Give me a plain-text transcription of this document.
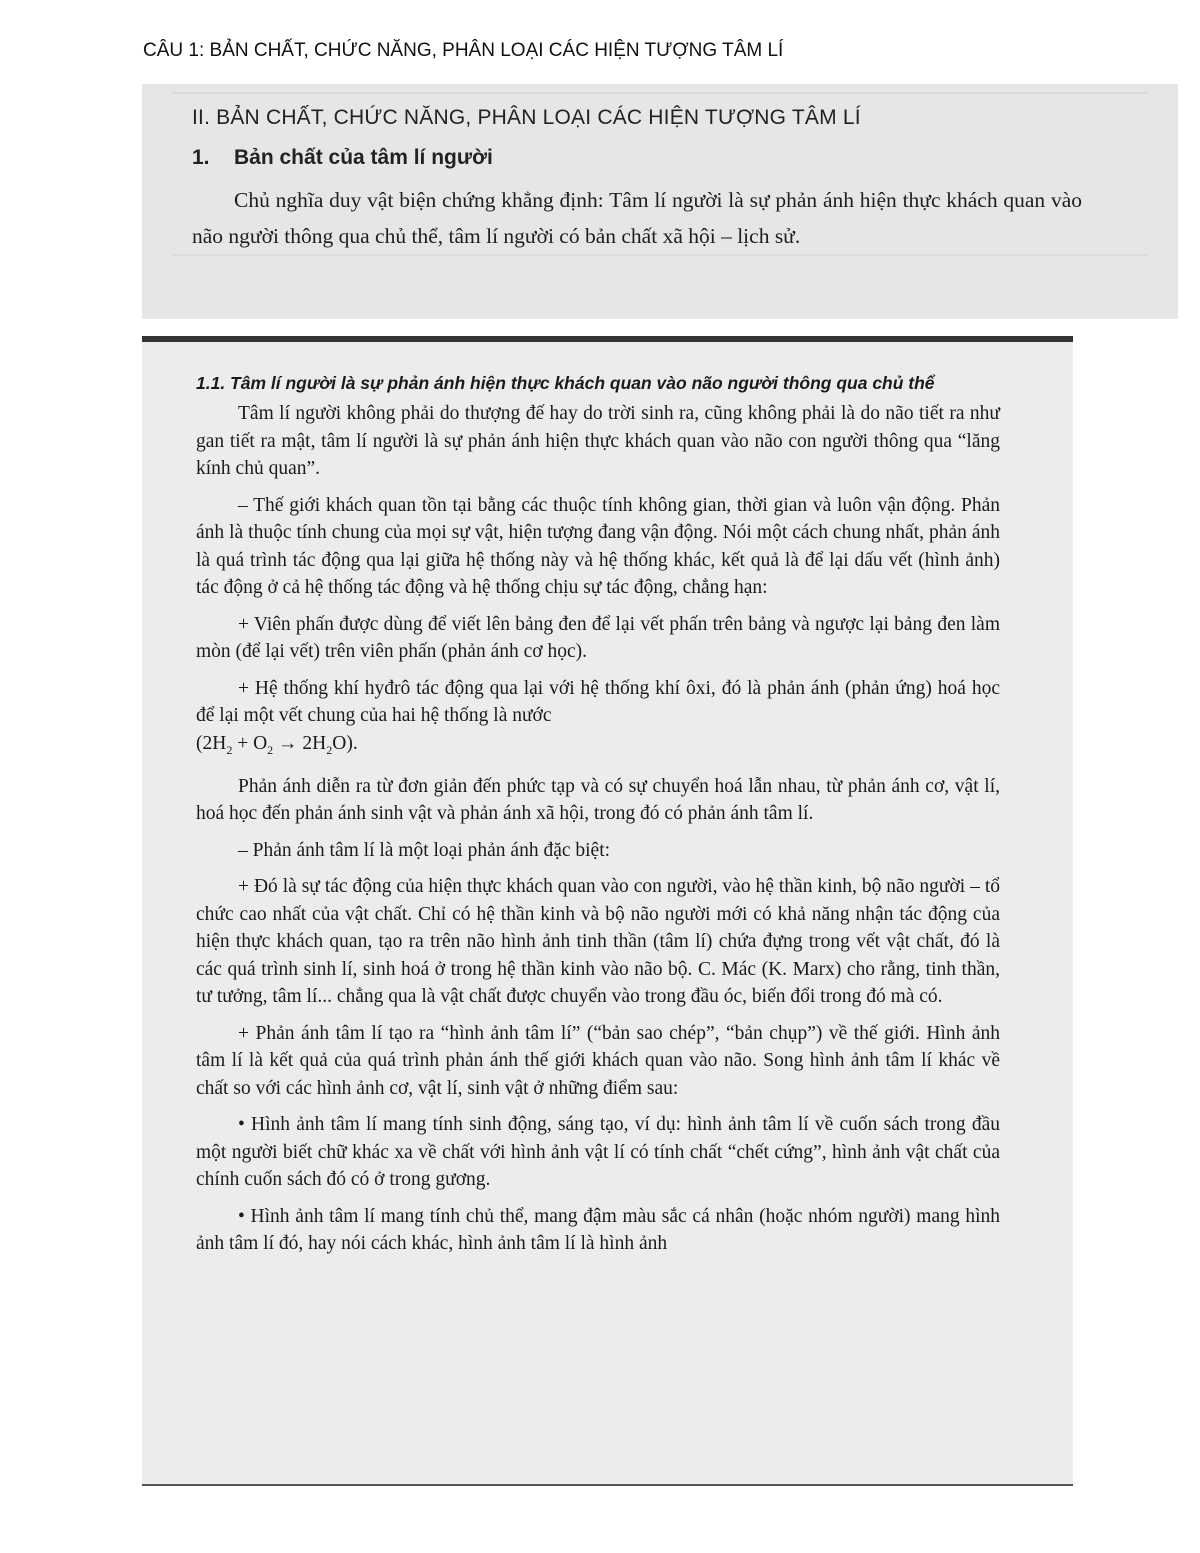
CÂU 1: BẢN CHẤT, CHỨC NĂNG, PHÂN LOẠI CÁC HIỆN TƯỢNG TÂM LÍ
II. BẢN CHẤT, CHỨC NĂNG, PHÂN LOẠI CÁC HIỆN TƯỢNG TÂM LÍ
1. Bản chất của tâm lí người

Chủ nghĩa duy vật biện chứng khẳng định: Tâm lí người là sự phản ánh hiện thực khách quan vào não người thông qua chủ thể, tâm lí người có bản chất xã hội – lịch sử.

1.1. Tâm lí người là sự phản ánh hiện thực khách quan vào não người thông qua chủ thể

Tâm lí người không phải do thượng đế hay do trời sinh ra, cũng không phải là do não tiết ra như gan tiết ra mật, tâm lí người là sự phản ánh hiện thực khách quan vào não con người thông qua “lăng kính chủ quan”.

– Thế giới khách quan tồn tại bằng các thuộc tính không gian, thời gian và luôn vận động. Phản ánh là thuộc tính chung của mọi sự vật, hiện tượng đang vận động. Nói một cách chung nhất, phản ánh là quá trình tác động qua lại giữa hệ thống này và hệ thống khác, kết quả là để lại dấu vết (hình ảnh) tác động ở cả hệ thống tác động và hệ thống chịu sự tác động, chẳng hạn:

+ Viên phấn được dùng để viết lên bảng đen để lại vết phấn trên bảng và ngược lại bảng đen làm mòn (để lại vết) trên viên phấn (phản ánh cơ học).

+ Hệ thống khí hyđrô tác động qua lại với hệ thống khí ôxi, đó là phản ánh (phản ứng) hoá học để lại một vết chung của hai hệ thống là nước

$(2H_2 + O_2 \to 2H_2O)$.

Phản ánh diễn ra từ đơn giản đến phức tạp và có sự chuyển hoá lẫn nhau, từ phản ánh cơ, vật lí, hoá học đến phản ánh sinh vật và phản ánh xã hội, trong đó có phản ánh tâm lí.

– Phản ánh tâm lí là một loại phản ánh đặc biệt:

+ Đó là sự tác động của hiện thực khách quan vào con người, vào hệ thần kinh, bộ não người – tổ chức cao nhất của vật chất. Chỉ có hệ thần kinh và bộ não người mới có khả năng nhận tác động của hiện thực khách quan, tạo ra trên não hình ảnh tinh thần (tâm lí) chứa đựng trong vết vật chất, đó là các quá trình sinh lí, sinh hoá ở trong hệ thần kinh vào não bộ. C. Mác (K. Marx) cho rằng, tinh thần, tư tưởng, tâm lí... chẳng qua là vật chất được chuyển vào trong đầu óc, biến đổi trong đó mà có.

+ Phản ánh tâm lí tạo ra “hình ảnh tâm lí” (“bản sao chép”, “bản chụp”) về thế giới. Hình ảnh tâm lí là kết quả của quá trình phản ánh thế giới khách quan vào não. Song hình ảnh tâm lí khác về chất so với các hình ảnh cơ, vật lí, sinh vật ở những điểm sau:

• Hình ảnh tâm lí mang tính sinh động, sáng tạo, ví dụ: hình ảnh tâm lí về cuốn sách trong đầu một người biết chữ khác xa về chất với hình ảnh vật lí có tính chất “chết cứng”, hình ảnh vật chất của chính cuốn sách đó có ở trong gương.

• Hình ảnh tâm lí mang tính chủ thể, mang đậm màu sắc cá nhân (hoặc nhóm người) mang hình ảnh tâm lí đó, hay nói cách khác, hình ảnh tâm lí là hình ảnh
